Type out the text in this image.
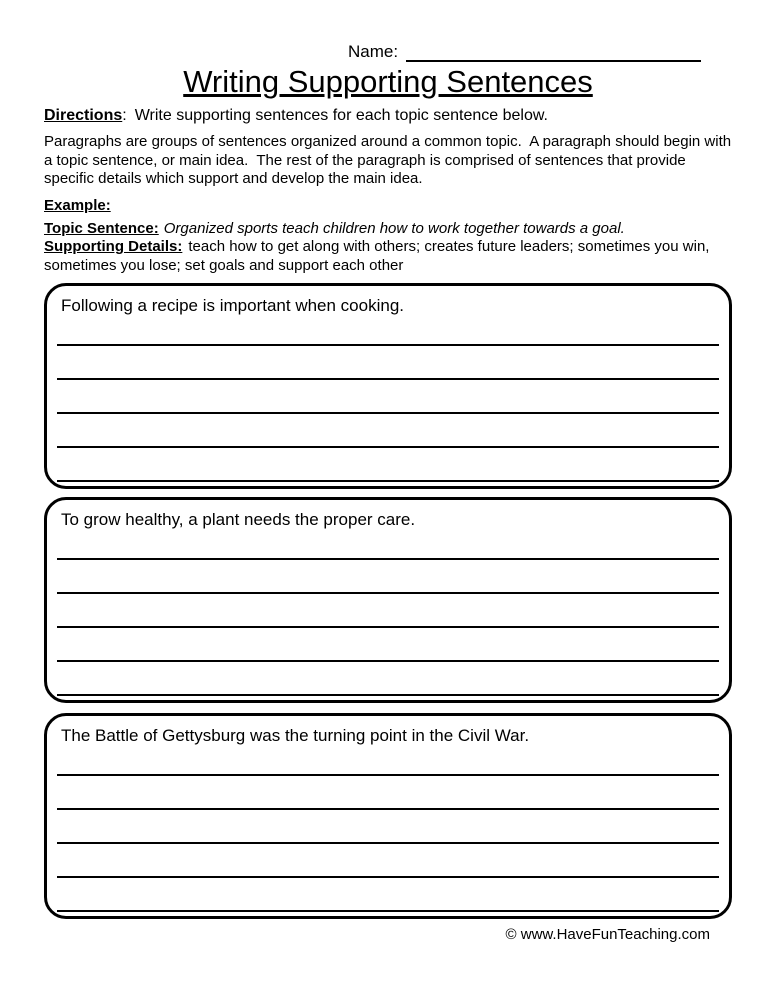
Name:
Writing Supporting Sentences
Directions: Write supporting sentences for each topic sentence below.

Paragraphs are groups of sentences organized around a common topic.  A paragraph should begin with a topic sentence, or main idea.  The rest of the paragraph is comprised of sentences that provide specific details which support and develop the main idea.

Example:
Topic Sentence: Organized sports teach children how to work together towards a goal.
Supporting Details: teach how to get along with others; creates future leaders; sometimes you win, sometimes you lose; set goals and support each other
Following a recipe is important when cooking.
To grow healthy, a plant needs the proper care.
The Battle of Gettysburg was the turning point in the Civil War.
© www.HaveFunTeaching.com
